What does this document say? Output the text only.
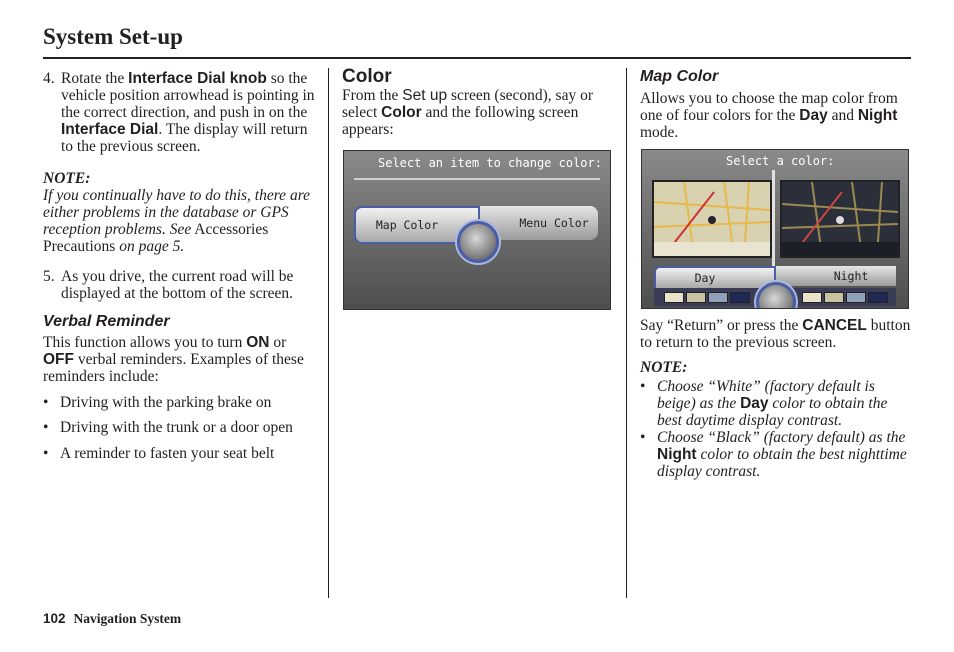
System Set-up

4. Rotate the Interface Dial knob so the vehicle position arrowhead is pointing in the correct direction, and push in on the Interface Dial. The display will return to the previous screen.

NOTE:

If you continually have to do this, there are either problems in the database or GPS reception problems. See Accessories Precautions on page 5.

5. As you drive, the current road will be displayed at the bottom of the screen.

Verbal Reminder

This function allows you to turn ON or OFF verbal reminders. Examples of these reminders include:

• Driving with the parking brake on

• Driving with the trunk or a door open

• A reminder to fasten your seat belt

Color

From the Set up screen (second), say or select Color and the following screen appears:

Select an item to change color:
Map Color	Menu Color

Map Color

Allows you to choose the map color from one of four colors for the Day and Night mode.

Select a color:
Day	Night

Say “Return” or press the CANCEL button to return to the previous screen.

NOTE:

• Choose “White” (factory default is beige) as the Day color to obtain the best daytime display contrast.

• Choose “Black” (factory default) as the Night color to obtain the best nighttime display contrast.

102 Navigation System
